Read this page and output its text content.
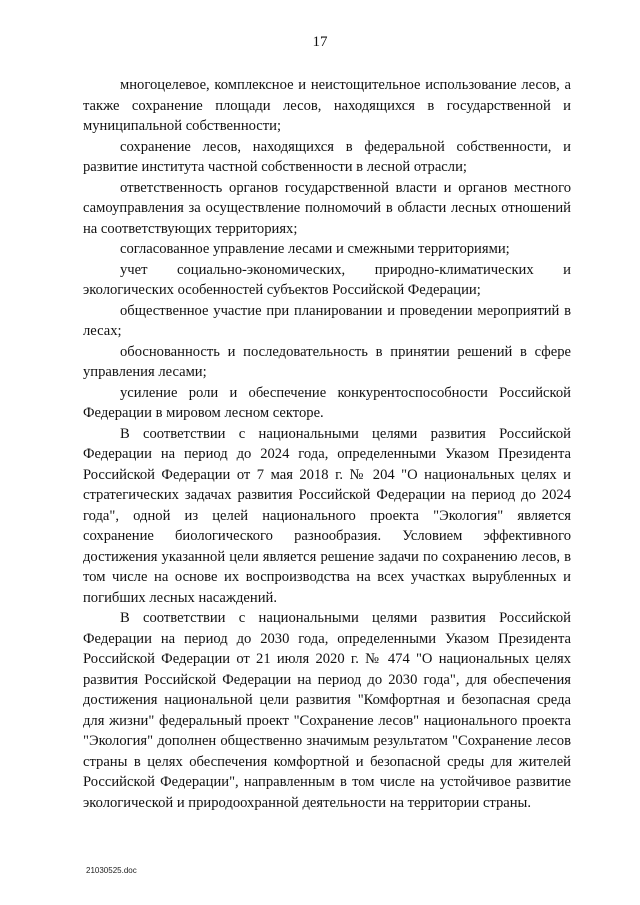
17

многоцелевое, комплексное и неистощительное использование лесов, а также сохранение площади лесов, находящихся в государственной и муниципальной собственности;

сохранение лесов, находящихся в федеральной собственности, и развитие института частной собственности в лесной отрасли;

ответственность органов государственной власти и органов местного самоуправления за осуществление полномочий в области лесных отношений на соответствующих территориях;

согласованное управление лесами и смежными территориями;

учет социально-экономических, природно-климатических и экологических особенностей субъектов Российской Федерации;

общественное участие при планировании и проведении мероприятий в лесах;

обоснованность и последовательность в принятии решений в сфере управления лесами;

усиление роли и обеспечение конкурентоспособности Российской Федерации в мировом лесном секторе.

В соответствии с национальными целями развития Российской Федерации на период до 2024 года, определенными Указом Президента Российской Федерации от 7 мая 2018 г. № 204 "О национальных целях и стратегических задачах развития Российской Федерации на период до 2024 года", одной из целей национального проекта "Экология" является сохранение биологического разнообразия. Условием эффективного достижения указанной цели является решение задачи по сохранению лесов, в том числе на основе их воспроизводства на всех участках вырубленных и погибших лесных насаждений.

В соответствии с национальными целями развития Российской Федерации на период до 2030 года, определенными Указом Президента Российской Федерации от 21 июля 2020 г. № 474 "О национальных целях развития Российской Федерации на период до 2030 года", для обеспечения достижения национальной цели развития "Комфортная и безопасная среда для жизни" федеральный проект "Сохранение лесов" национального проекта "Экология" дополнен общественно значимым результатом "Сохранение лесов страны в целях обеспечения комфортной и безопасной среды для жителей Российской Федерации", направленным в том числе на устойчивое развитие экологической и природоохранной деятельности на территории страны.

21030525.doc
